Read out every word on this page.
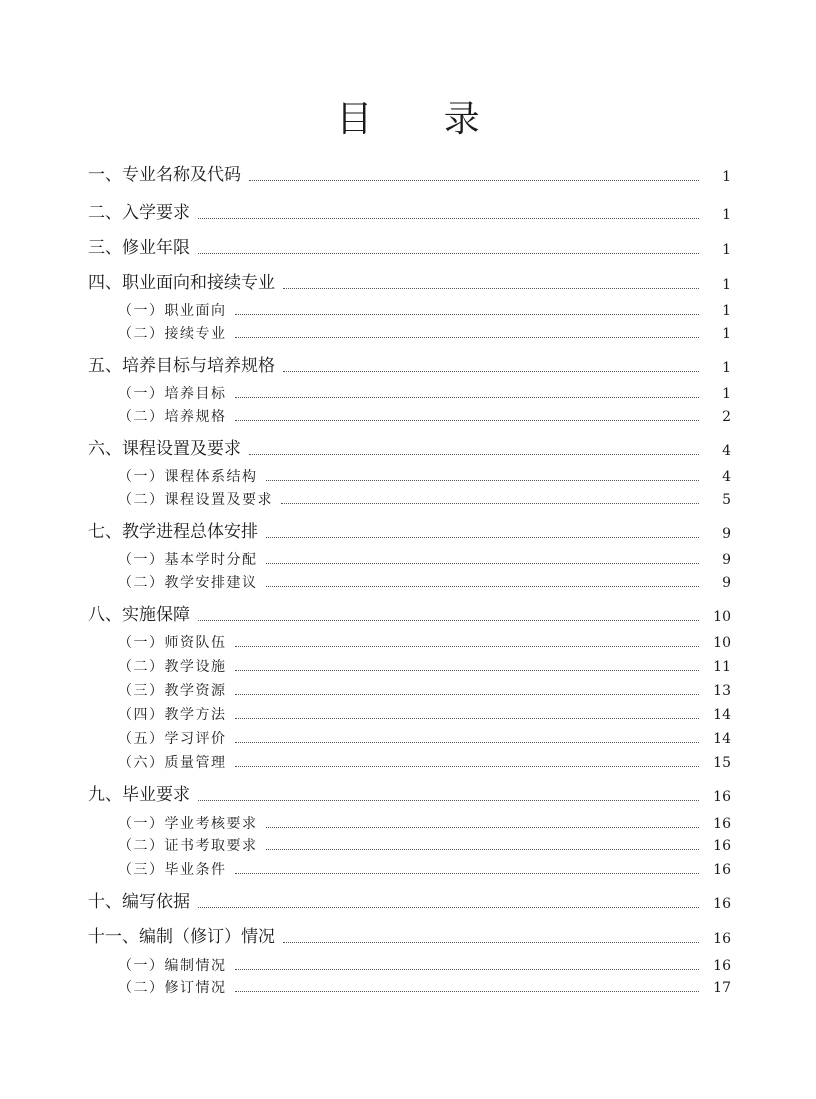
目 录
一、专业名称及代码	1
二、入学要求	1
三、修业年限	1
四、职业面向和接续专业	1
（一）职业面向	1
（二）接续专业	1
五、培养目标与培养规格	1
（一）培养目标	1
（二）培养规格	2
六、课程设置及要求	4
（一）课程体系结构	4
（二）课程设置及要求	5
七、教学进程总体安排	9
（一）基本学时分配	9
（二）教学安排建议	9
八、实施保障	10
（一）师资队伍	10
（二）教学设施	11
（三）教学资源	13
（四）教学方法	14
（五）学习评价	14
（六）质量管理	15
九、毕业要求	16
（一）学业考核要求	16
（二）证书考取要求	16
（三）毕业条件	16
十、编写依据	16
十一、编制（修订）情况	16
（一）编制情况	16
（二）修订情况	17
